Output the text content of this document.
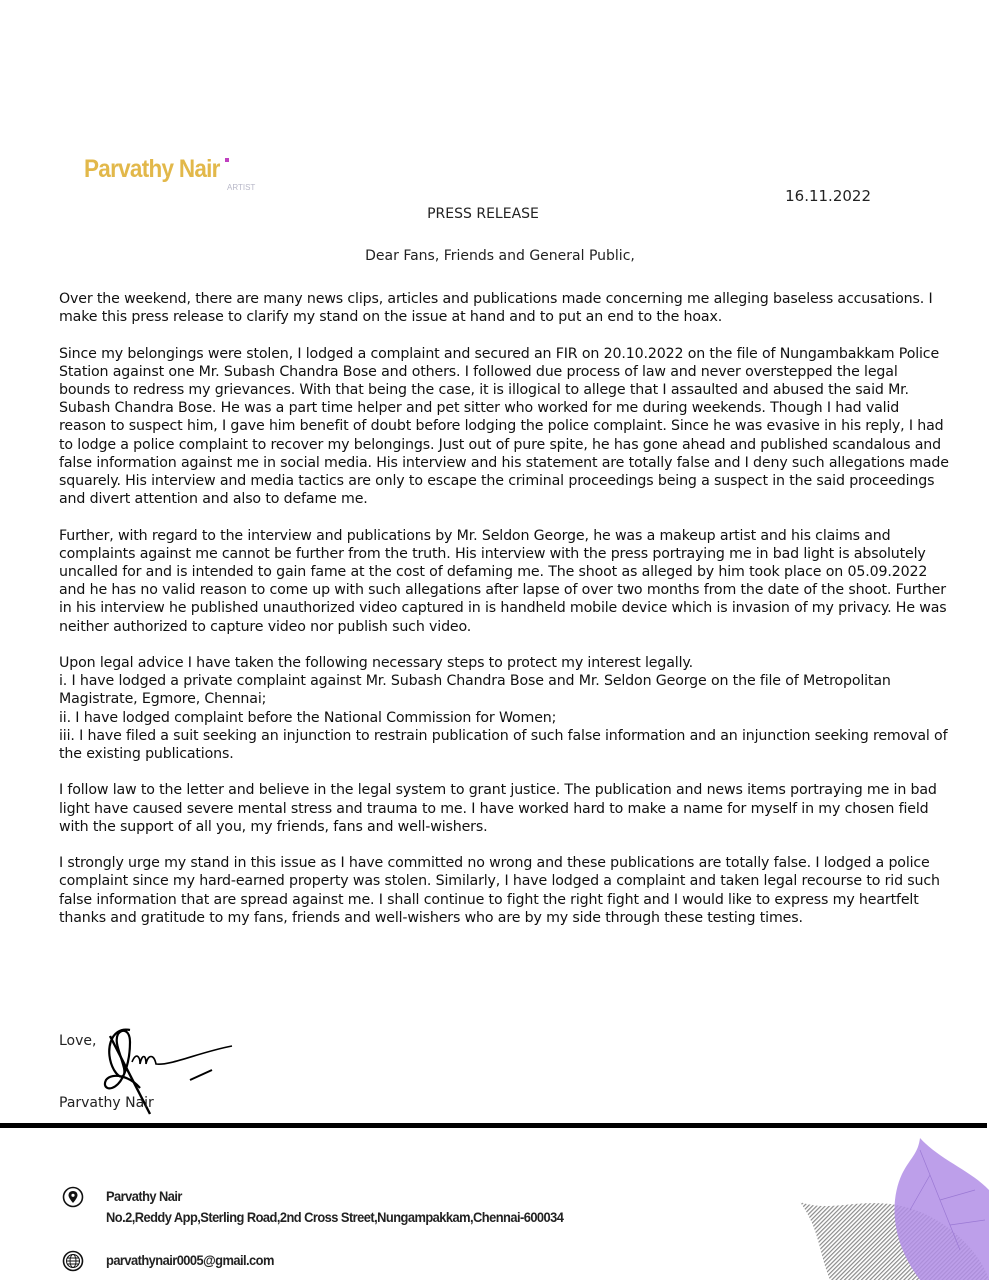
Parvathy Nair
ARTIST	16.11.2022
PRESS RELEASE
Dear Fans, Friends and General Public,

Over the weekend, there are many news clips, articles and publications made concerning me alleging baseless accusations. I make this press release to clarify my stand on the issue at hand and to put an end to the hoax.

Since my belongings were stolen, I lodged a complaint and secured an FIR on 20.10.2022 on the file of Nungambakkam Police Station against one Mr. Subash Chandra Bose and others. I followed due process of law and never overstepped the legal bounds to redress my grievances. With that being the case, it is illogical to allege that I assaulted and abused the said Mr. Subash Chandra Bose. He was a part time helper and pet sitter who worked for me during weekends. Though I had valid reason to suspect him, I gave him benefit of doubt before lodging the police complaint. Since he was evasive in his reply, I had to lodge a police complaint to recover my belongings. Just out of pure spite, he has gone ahead and published scandalous and false information against me in social media. His interview and his statement are totally false and I deny such allegations made squarely. His interview and media tactics are only to escape the criminal proceedings being a suspect in the said proceedings and divert attention and also to defame me.

Further, with regard to the interview and publications by Mr. Seldon George, he was a makeup artist and his claims and complaints against me cannot be further from the truth. His interview with the press portraying me in bad light is absolutely uncalled for and is intended to gain fame at the cost of defaming me. The shoot as alleged by him took place on 05.09.2022 and he has no valid reason to come up with such allegations after lapse of over two months from the date of the shoot. Further in his interview he published unauthorized video captured in is handheld mobile device which is invasion of my privacy. He was neither authorized to capture video nor publish such video.

Upon legal advice I have taken the following necessary steps to protect my interest legally.
i. I have lodged a private complaint against Mr. Subash Chandra Bose and Mr. Seldon George on the file of Metropolitan Magistrate, Egmore, Chennai;
ii. I have lodged complaint before the National Commission for Women;
iii. I have filed a suit seeking an injunction to restrain publication of such false information and an injunction seeking removal of the existing publications.

I follow law to the letter and believe in the legal system to grant justice. The publication and news items portraying me in bad light have caused severe mental stress and trauma to me. I have worked hard to make a name for myself in my chosen field with the support of all you, my friends, fans and well-wishers.

I strongly urge my stand in this issue as I have committed no wrong and these publications are totally false. I lodged a police complaint since my hard-earned property was stolen. Similarly, I have lodged a complaint and taken legal recourse to rid such false information that are spread against me. I shall continue to fight the right fight and I would like to express my heartfelt thanks and gratitude to my fans, friends and well-wishers who are by my side through these testing times.

Love,
Parvathy Nair
Parvathy Nair
No.2,Reddy App,Sterling Road,2nd Cross Street,Nungampakkam,Chennai-600034
parvathynair0005@gmail.com
